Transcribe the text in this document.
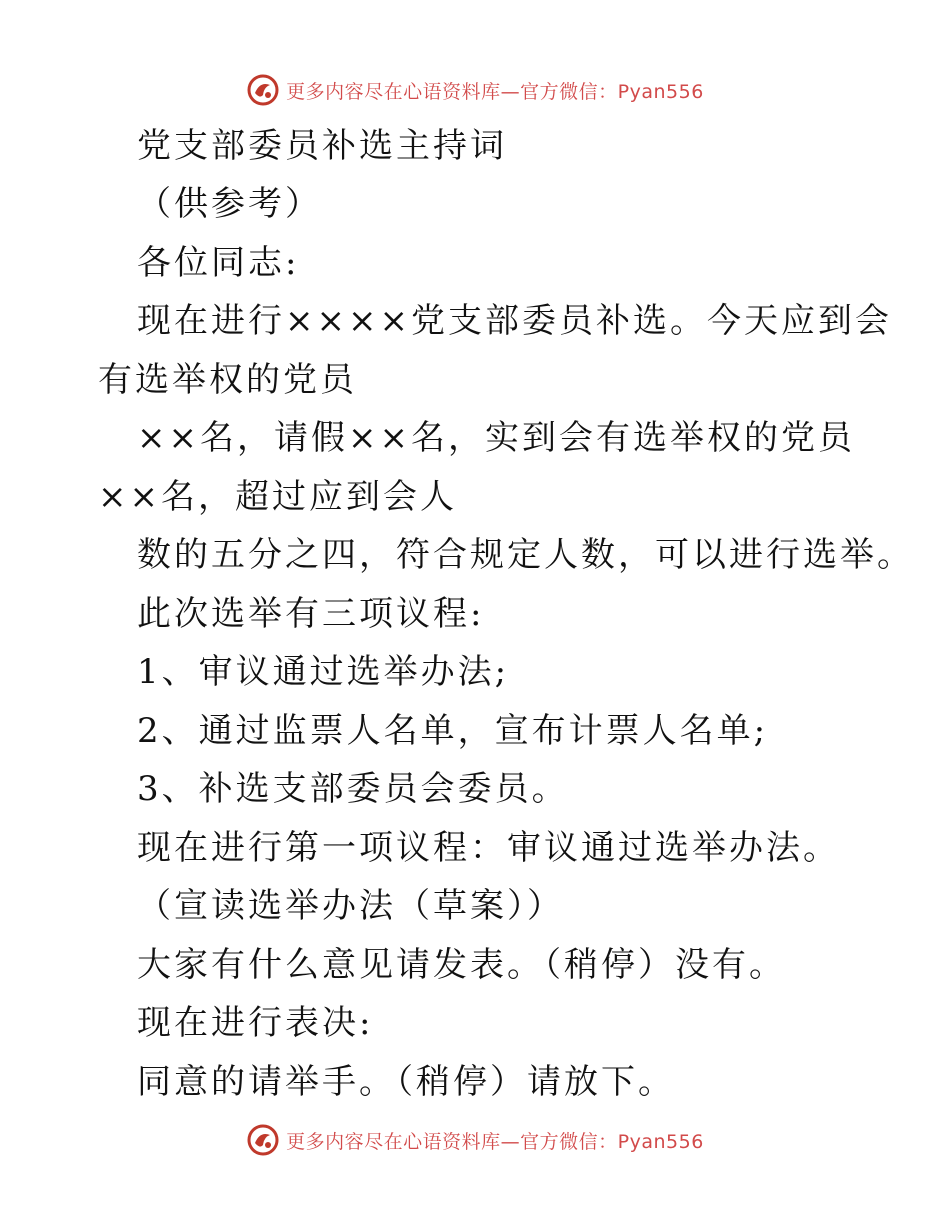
更多内容尽在心语资料库—官方微信：Pyan556
党支部委员补选主持词
（供参考）
各位同志:
现在进行××××党支部委员补选。今天应到会
有选举权的党员
××名，请假××名，实到会有选举权的党员
××名，超过应到会人
数的五分之四，符合规定人数，可以进行选举。
此次选举有三项议程:
1、审议通过选举办法;
2、通过监票人名单，宣布计票人名单;
3、补选支部委员会委员。
现在进行第一项议程：审议通过选举办法。
（宣读选举办法（草案））
大家有什么意见请发表。（稍停）没有。
现在进行表决:
同意的请举手。（稍停）请放下。
更多内容尽在心语资料库—官方微信：Pyan556
